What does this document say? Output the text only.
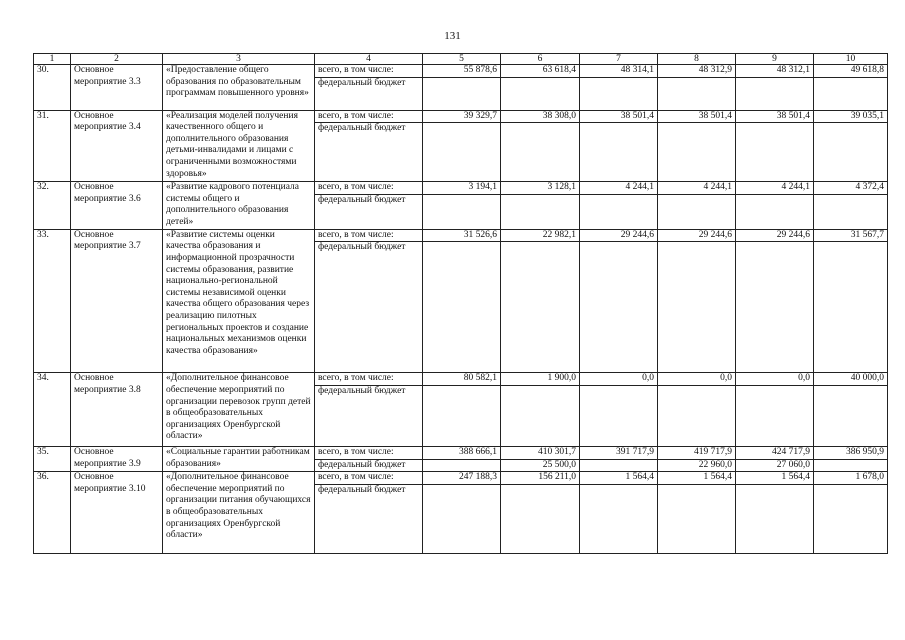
131
1	2	3	4	5	6	7	8	9	10
30.	Основное мероприятие 3.3	«Предоставление общего образования по образовательным программам повышенного уровня»	всего, в том числе:	55 878,6	63 618,4	48 314,1	48 312,9	48 312,1	49 618,8
			федеральный бюджет						
31.	Основное мероприятие 3.4	«Реализация моделей получения качественного общего и дополнительного образования детьми-инвалидами и лицами с ограниченными возможностями здоровья»	всего, в том числе:	39 329,7	38 308,0	38 501,4	38 501,4	38 501,4	39 035,1
			федеральный бюджет						
32.	Основное мероприятие 3.6	«Развитие кадрового потенциала системы общего и дополнительного образования детей»	всего, в том числе:	3 194,1	3 128,1	4 244,1	4 244,1	4 244,1	4 372,4
			федеральный бюджет						
33.	Основное мероприятие 3.7	«Развитие системы оценки качества образования и информационной прозрачности системы образования, развитие национально-региональной системы независимой оценки качества общего образования через реализацию пилотных региональных проектов и создание национальных механизмов оценки качества образования»	всего, в том числе:	31 526,6	22 982,1	29 244,6	29 244,6	29 244,6	31 567,7
			федеральный бюджет						
34.	Основное мероприятие 3.8	«Дополнительное финансовое обеспечение мероприятий по организации перевозок групп детей в общеобразовательных организациях Оренбургской области»	всего, в том числе:	80 582,1	1 900,0	0,0	0,0	0,0	40 000,0
			федеральный бюджет						
35.	Основное мероприятие 3.9	«Социальные гарантии работникам образования»	всего, в том числе:	388 666,1	410 301,7	391 717,9	419 717,9	424 717,9	386 950,9
			федеральный бюджет		25 500,0		22 960,0	27 060,0	
36.	Основное мероприятие 3.10	«Дополнительное финансовое обеспечение мероприятий по организации питания обучающихся в общеобразовательных организациях Оренбургской области»	всего, в том числе:	247 188,3	156 211,0	1 564,4	1 564,4	1 564,4	1 678,0
			федеральный бюджет						
